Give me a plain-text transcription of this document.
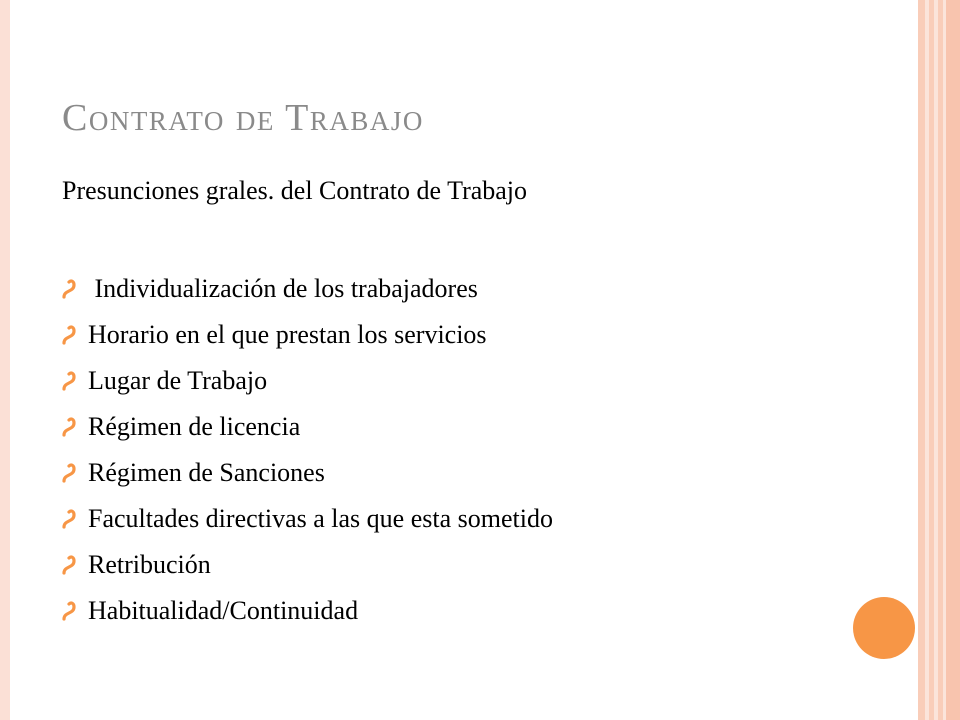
Contrato de Trabajo

Presunciones grales. del Contrato de Trabajo

Individualización de los trabajadores
Horario en el que prestan los servicios
Lugar de Trabajo
Régimen de licencia
Régimen de Sanciones
Facultades directivas a las que esta sometido
Retribución
Habitualidad/Continuidad
